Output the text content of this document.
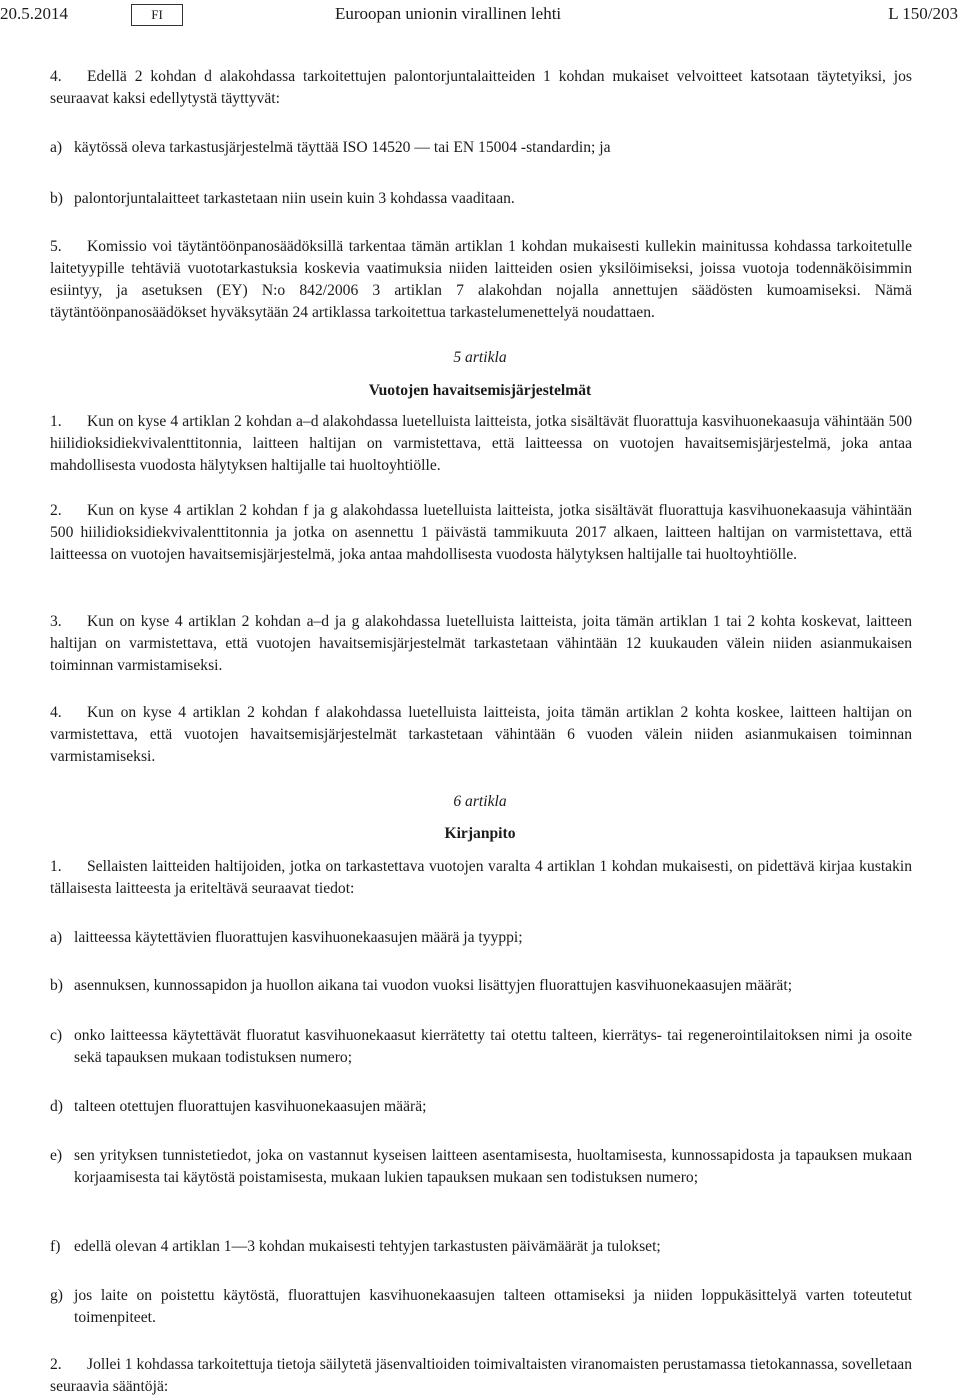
20.5.2014	FI	Euroopan unionin virallinen lehti	L 150/203

4. Edellä 2 kohdan d alakohdassa tarkoitettujen palontorjuntalaitteiden 1 kohdan mukaiset velvoitteet katsotaan täytetyiksi, jos seuraavat kaksi edellytystä täyttyvät:

a) käytössä oleva tarkastusjärjestelmä täyttää ISO 14520 — tai EN 15004 -standardin; ja
b) palontorjuntalaitteet tarkastetaan niin usein kuin 3 kohdassa vaaditaan.

5. Komissio voi täytäntöönpanosäädöksillä tarkentaa tämän artiklan 1 kohdan mukaisesti kullekin mainitussa kohdassa tarkoitetulle laitetyypille tehtäviä vuototarkastuksia koskevia vaatimuksia niiden laitteiden osien yksilöimiseksi, joissa vuotoja todennäköisimmin esiintyy, ja asetuksen (EY) N:o 842/2006 3 artiklan 7 alakohdan nojalla annettujen säädösten kumoamiseksi. Nämä täytäntöönpanosäädökset hyväksytään 24 artiklassa tarkoitettua tarkastelumenettelyä noudattaen.

5 artikla
Vuotojen havaitsemisjärjestelmät

1. Kun on kyse 4 artiklan 2 kohdan a–d alakohdassa luetelluista laitteista, jotka sisältävät fluorattuja kasvihuonekaasuja vähintään 500 hiilidioksidiekvivalenttitonnia, laitteen haltijan on varmistettava, että laitteessa on vuotojen havaitsemisjärjestelmä, joka antaa mahdollisesta vuodosta hälytyksen haltijalle tai huoltoyhtiölle.

2. Kun on kyse 4 artiklan 2 kohdan f ja g alakohdassa luetelluista laitteista, jotka sisältävät fluorattuja kasvihuonekaasuja vähintään 500 hiilidioksidiekvivalenttitonnia ja jotka on asennettu 1 päivästä tammikuuta 2017 alkaen, laitteen haltijan on varmistettava, että laitteessa on vuotojen havaitsemisjärjestelmä, joka antaa mahdollisesta vuodosta hälytyksen haltijalle tai huoltoyhtiölle.

3. Kun on kyse 4 artiklan 2 kohdan a–d ja g alakohdassa luetelluista laitteista, joita tämän artiklan 1 tai 2 kohta koskevat, laitteen haltijan on varmistettava, että vuotojen havaitsemisjärjestelmät tarkastetaan vähintään 12 kuukauden välein niiden asianmukaisen toiminnan varmistamiseksi.

4. Kun on kyse 4 artiklan 2 kohdan f alakohdassa luetelluista laitteista, joita tämän artiklan 2 kohta koskee, laitteen haltijan on varmistettava, että vuotojen havaitsemisjärjestelmät tarkastetaan vähintään 6 vuoden välein niiden asianmukaisen toiminnan varmistamiseksi.

6 artikla
Kirjanpito

1. Sellaisten laitteiden haltijoiden, jotka on tarkastettava vuotojen varalta 4 artiklan 1 kohdan mukaisesti, on pidettävä kirjaa kustakin tällaisesta laitteesta ja eriteltävä seuraavat tiedot:

a) laitteessa käytettävien fluorattujen kasvihuonekaasujen määrä ja tyyppi;
b) asennuksen, kunnossapidon ja huollon aikana tai vuodon vuoksi lisättyjen fluorattujen kasvihuonekaasujen määrät;
c) onko laitteessa käytettävät fluoratut kasvihuonekaasut kierrätetty tai otettu talteen, kierrätys- tai regenerointilaitoksen nimi ja osoite sekä tapauksen mukaan todistuksen numero;
d) talteen otettujen fluorattujen kasvihuonekaasujen määrä;
e) sen yrityksen tunnistetiedot, joka on vastannut kyseisen laitteen asentamisesta, huoltamisesta, kunnossapidosta ja tapauksen mukaan korjaamisesta tai käytöstä poistamisesta, mukaan lukien tapauksen mukaan sen todistuksen numero;
f) edellä olevan 4 artiklan 1—3 kohdan mukaisesti tehtyjen tarkastusten päivämäärät ja tulokset;
g) jos laite on poistettu käytöstä, fluorattujen kasvihuonekaasujen talteen ottamiseksi ja niiden loppukäsittelyä varten toteutetut toimenpiteet.

2. Jollei 1 kohdassa tarkoitettuja tietoja säilytetä jäsenvaltioiden toimivaltaisten viranomaisten perustamassa tietokannassa, sovelletaan seuraavia sääntöjä:
